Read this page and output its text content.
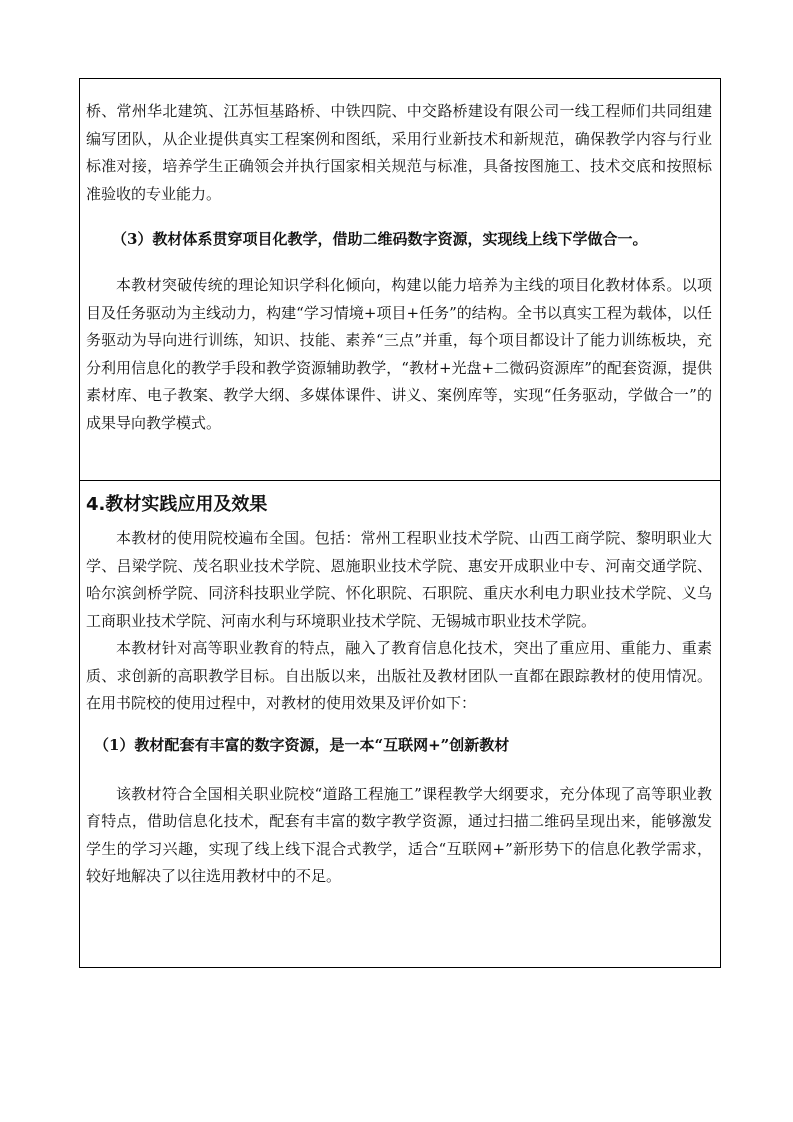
桥、常州华北建筑、江苏恒基路桥、中铁四院、中交路桥建设有限公司一线工程师们共同组建编写团队，从企业提供真实工程案例和图纸，采用行业新技术和新规范，确保教学内容与行业标准对接，培养学生正确领会并执行国家相关规范与标准，具备按图施工、技术交底和按照标准验收的专业能力。

（3）教材体系贯穿项目化教学，借助二维码数字资源，实现线上线下学做合一。

本教材突破传统的理论知识学科化倾向，构建以能力培养为主线的项目化教材体系。以项目及任务驱动为主线动力，构建“学习情境+项目+任务”的结构。全书以真实工程为载体，以任务驱动为导向进行训练，知识、技能、素养“三点”并重，每个项目都设计了能力训练板块，充分利用信息化的教学手段和教学资源辅助教学，“教材+光盘+二微码资源库”的配套资源，提供素材库、电子教案、教学大纲、多媒体课件、讲义、案例库等，实现“任务驱动，学做合一”的成果导向教学模式。

4.教材实践应用及效果

本教材的使用院校遍布全国。包括：常州工程职业技术学院、山西工商学院、黎明职业大学、吕梁学院、茂名职业技术学院、恩施职业技术学院、惠安开成职业中专、河南交通学院、哈尔滨剑桥学院、同济科技职业学院、怀化职院、石职院、重庆水利电力职业技术学院、义乌工商职业技术学院、河南水利与环境职业技术学院、无锡城市职业技术学院。

本教材针对高等职业教育的特点，融入了教育信息化技术，突出了重应用、重能力、重素质、求创新的高职教学目标。自出版以来，出版社及教材团队一直都在跟踪教材的使用情况。在用书院校的使用过程中，对教材的使用效果及评价如下：

（1）教材配套有丰富的数字资源，是一本“互联网+”创新教材

该教材符合全国相关职业院校“道路工程施工”课程教学大纲要求，充分体现了高等职业教育特点，借助信息化技术，配套有丰富的数字教学资源，通过扫描二维码呈现出来，能够激发学生的学习兴趣，实现了线上线下混合式教学，适合“互联网+”新形势下的信息化教学需求，较好地解决了以往选用教材中的不足。
